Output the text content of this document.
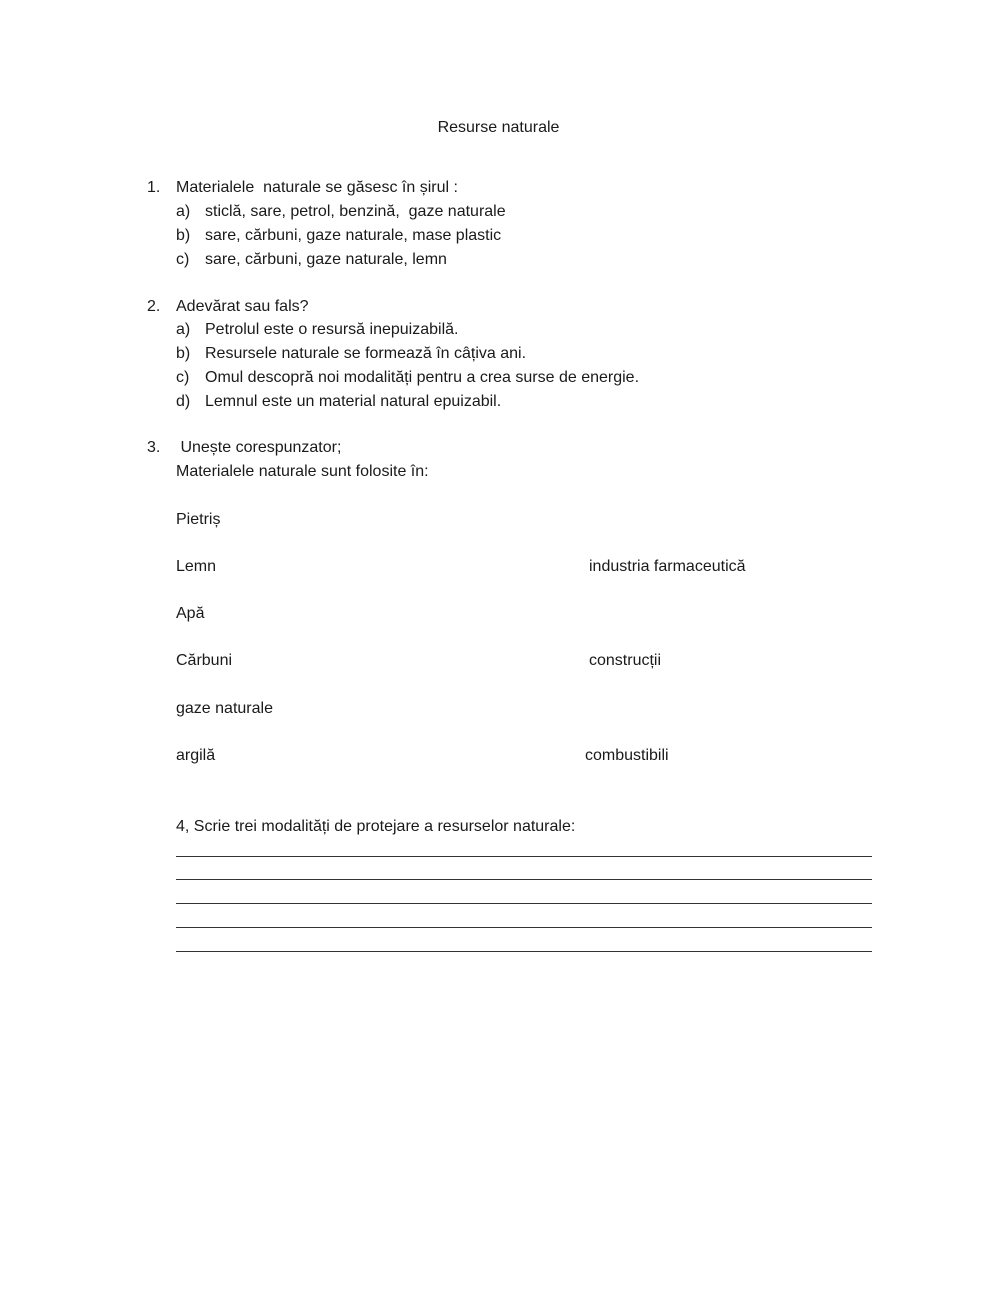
Resurse naturale
1. Materialele  naturale se găsesc în șirul :
a) sticlă, sare, petrol, benzină,  gaze naturale
b) sare, cărbuni, gaze naturale, mase plastic
c) sare, cărbuni, gaze naturale, lemn
2. Adevărat sau fals?
a) Petrolul este o resursă inepuizabilă.
b) Resursele naturale se formează în câțiva ani.
c) Omul descopră noi modalități pentru a crea surse de energie.
d) Lemnul este un material natural epuizabil.
3. Unește corespunzator;
Materialele naturale sunt folosite în:
Pietriș
Lemn
Apă
Cărbuni
gaze naturale
argilă
industria farmaceutică
construcții
combustibili
4, Scrie trei modalități de protejare a resurselor naturale:
